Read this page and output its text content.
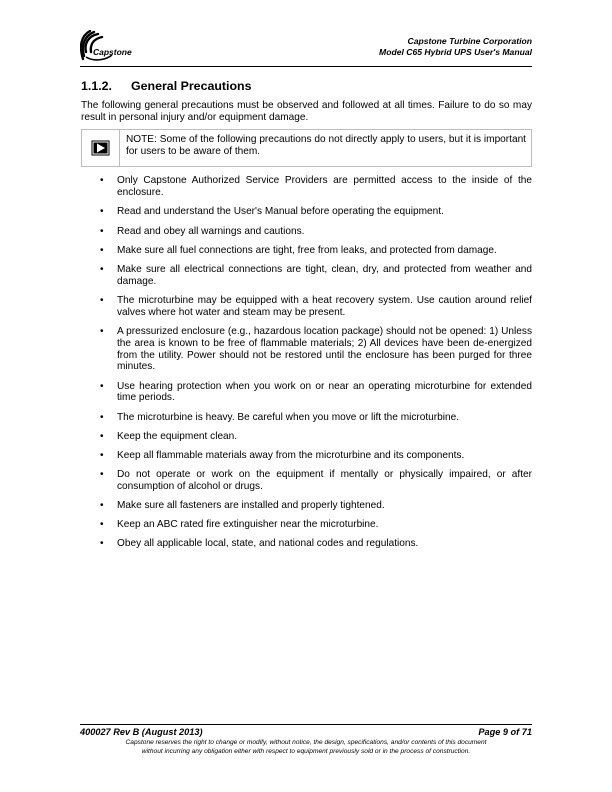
Capstone
Capstone Turbine Corporation
Model C65 Hybrid UPS User's Manual
1.1.2.	General Precautions

The following general precautions must be observed and followed at all times. Failure to do so may result in personal injury and/or equipment damage.

NOTE: Some of the following precautions do not directly apply to users, but it is important for users to be aware of them.
• Only Capstone Authorized Service Providers are permitted access to the inside of the enclosure.
• Read and understand the User's Manual before operating the equipment.
• Read and obey all warnings and cautions.
• Make sure all fuel connections are tight, free from leaks, and protected from damage.
• Make sure all electrical connections are tight, clean, dry, and protected from weather and damage.
• The microturbine may be equipped with a heat recovery system. Use caution around relief valves where hot water and steam may be present.
• A pressurized enclosure (e.g., hazardous location package) should not be opened: 1) Unless the area is known to be free of flammable materials; 2) All devices have been de-energized from the utility. Power should not be restored until the enclosure has been purged for three minutes.
• Use hearing protection when you work on or near an operating microturbine for extended time periods.
• The microturbine is heavy. Be careful when you move or lift the microturbine.
• Keep the equipment clean.
• Keep all flammable materials away from the microturbine and its components.
• Do not operate or work on the equipment if mentally or physically impaired, or after consumption of alcohol or drugs.
• Make sure all fasteners are installed and properly tightened.
• Keep an ABC rated fire extinguisher near the microturbine.
• Obey all applicable local, state, and national codes and regulations.
400027 Rev B (August 2013)	Page 9 of 71
Capstone reserves the right to change or modify, without notice, the design, specifications, and/or contents of this document
without incurring any obligation either with respect to equipment previously sold or in the process of construction.
